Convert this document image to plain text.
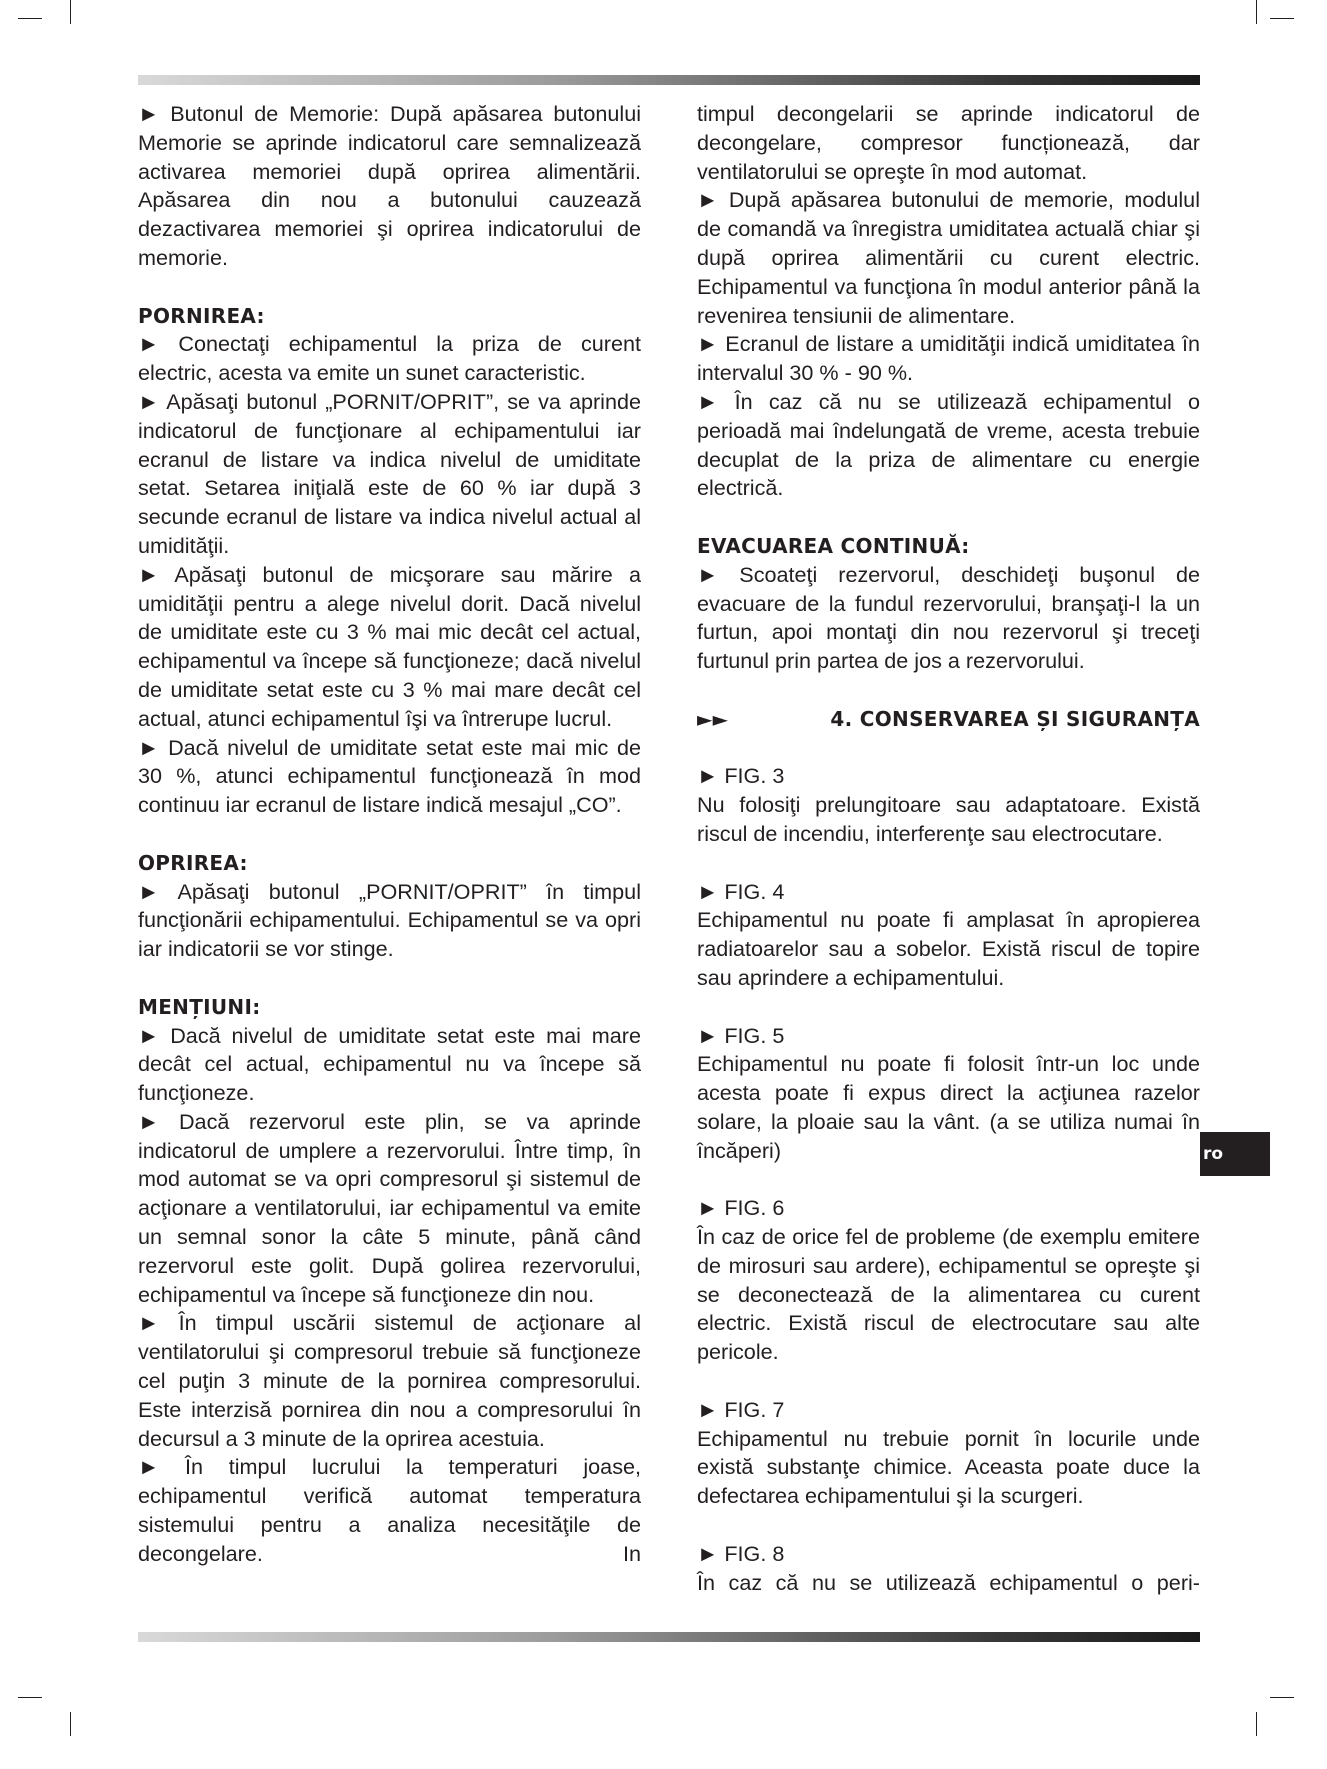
► Butonul de Memorie: După apăsarea butonului Memorie se aprinde indicatorul care semnalizează activarea memoriei după oprirea alimentării. Apăsarea din nou a butonului cauzează dezactivarea memoriei şi oprirea indicatorului de memorie.

PORNIREA:

► Conectaţi echipamentul la priza de curent electric, acesta va emite un sunet caracteristic.

► Apăsaţi butonul „PORNIT/OPRIT”, se va aprinde indicatorul de funcţionare al echipamentului iar ecranul de listare va indica nivelul de umiditate setat. Setarea iniţială este de 60 % iar după 3 secunde ecranul de listare va indica nivelul actual al umidităţii.

► Apăsaţi butonul de micşorare sau mărire a umidităţii pentru a alege nivelul dorit. Dacă nivelul de umiditate este cu 3 % mai mic decât cel actual, echipamentul va începe să funcţioneze; dacă nivelul de umiditate setat este cu 3 % mai mare decât cel actual, atunci echipamentul îşi va întrerupe lucrul.

► Dacă nivelul de umiditate setat este mai mic de 30 %, atunci echipamentul funcţionează în mod continuu iar ecranul de listare indică mesajul „CO”.

OPRIREA:

► Apăsaţi butonul „PORNIT/OPRIT” în timpul funcţionării echipamentului. Echipamentul se va opri iar indicatorii se vor stinge.

MENȚIUNI:

► Dacă nivelul de umiditate setat este mai mare decât cel actual, echipamentul nu va începe să funcţioneze.

► Dacă rezervorul este plin, se va aprinde indicatorul de umplere a rezervorului. Între timp, în mod automat se va opri compresorul şi sistemul de acţionare a ventilatorului, iar echipamentul va emite un semnal sonor la câte 5 minute, până când rezervorul este golit. După golirea rezervorului, echipamentul va începe să funcţioneze din nou.

► În timpul uscării sistemul de acţionare al ventilatorului şi compresorul trebuie să funcţioneze cel puţin 3 minute de la pornirea compresorului. Este interzisă pornirea din nou a compresorului în decursul a 3 minute de la oprirea acestuia.

► În timpul lucrului la temperaturi joase, echipamentul verifică automat temperatura sistemului pentru a analiza necesităţile de decongelare. In

timpul decongelarii se aprinde indicatorul de decongelare, compresor funcționează, dar ventilatorului se opreşte în mod automat.

► După apăsarea butonului de memorie, modulul de comandă va înregistra umiditatea actuală chiar şi după oprirea alimentării cu curent electric. Echipamentul va funcţiona în modul anterior până la revenirea tensiunii de alimentare.

► Ecranul de listare a umidităţii indică umiditatea în intervalul 30 % - 90 %.

► În caz că nu se utilizează echipamentul o perioadă mai îndelungată de vreme, acesta trebuie decuplat de la priza de alimentare cu energie electrică.

EVACUAREA CONTINUĂ:

► Scoateţi rezervorul, deschideţi buşonul de evacuare de la fundul rezervorului, branşaţi-l la un furtun, apoi montaţi din nou rezervorul şi treceţi furtunul prin partea de jos a rezervorului.

►►	4. CONSERVAREA ȘI SIGURANȚA

► FIG. 3

Nu folosiţi prelungitoare sau adaptatoare. Există riscul de incendiu, interferenţe sau electrocutare.

► FIG. 4

Echipamentul nu poate fi amplasat în apropierea radiatoarelor sau a sobelor. Există riscul de topire sau aprindere a echipamentului.

► FIG. 5

Echipamentul nu poate fi folosit într-un loc unde acesta poate fi expus direct la acţiunea razelor solare, la ploaie sau la vânt. (a se utiliza numai în încăperi)

► FIG. 6

În caz de orice fel de probleme (de exemplu emitere de mirosuri sau ardere), echipamentul se opreşte şi se deconectează de la alimentarea cu curent electric. Există riscul de electrocutare sau alte pericole.

► FIG. 7

Echipamentul nu trebuie pornit în locurile unde există substanţe chimice. Aceasta poate duce la defectarea echipamentului şi la scurgeri.

► FIG. 8

În caz că nu se utilizează echipamentul o peri-

ro
